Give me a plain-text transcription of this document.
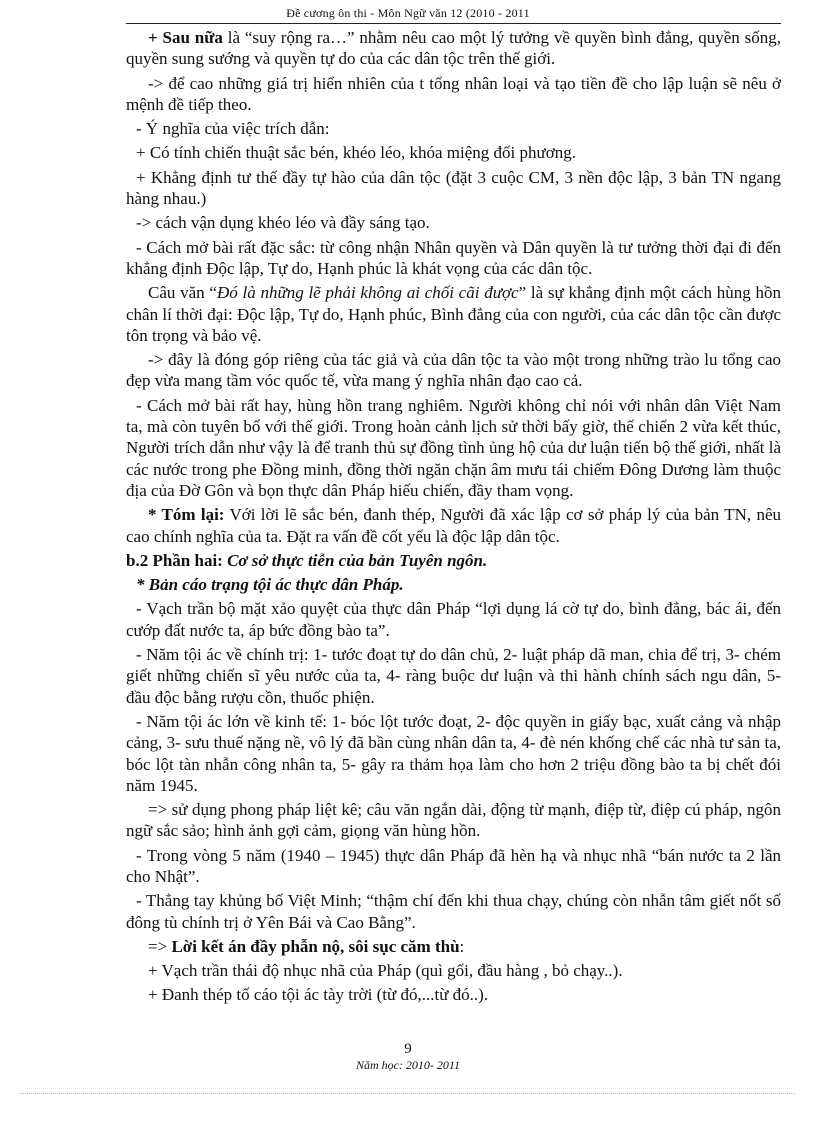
Đề cương ôn thi - Môn Ngữ văn 12 (2010 - 2011

+ Sau nữa là “suy rộng ra…” nhằm nêu cao một lý tưởng về quyền bình đẳng, quyền sống, quyền sung sướng và quyền tự do của các dân tộc trên thế giới.

-> để cao những giá trị hiển nhiên của t tổng nhân loại và tạo tiền đề cho lập luận sẽ nêu ở mệnh đề tiếp theo.

- Ý nghĩa của việc trích dẫn:

+ Có tính chiến thuật sắc bén, khéo léo, khóa miệng đối phương.

+ Khẳng định tư thế đầy tự hào của dân tộc (đặt 3 cuộc CM, 3 nền độc lập, 3 bản TN ngang hàng nhau.)

-> cách vận dụng khéo léo và đầy sáng tạo.

- Cách mở bài rất đặc sắc: từ công nhận Nhân quyền và Dân quyền là tư tưởng thời đại đi đến khẳng định Độc lập, Tự do, Hạnh phúc là khát vọng của các dân tộc.

Câu văn “Đó là những lẽ phải không ai chối cãi được” là sự khẳng định một cách hùng hồn chân lí thời đại: Độc lập, Tự do, Hạnh phúc, Bình đẳng của con người, của các dân tộc cần được tôn trọng và bảo vệ.

-> đây là đóng góp riêng của tác giả và của dân tộc ta vào một trong những trào lu tổng cao đẹp vừa mang tầm vóc quốc tế, vừa mang ý nghĩa nhân đạo cao cả.

- Cách mở bài rất hay, hùng hồn trang nghiêm. Người không chỉ nói với nhân dân Việt Nam ta, mà còn tuyên bố với thế giới. Trong hoàn cảnh lịch sử thời bấy giờ, thế chiến 2 vừa kết thúc, Người trích dẫn như vậy là để tranh thủ sự đồng tình ủng hộ của dư luận tiến bộ thế giới, nhất là các nước trong phe Đồng minh, đồng thời ngăn chặn âm mưu tái chiếm Đông Dương làm thuộc địa của Đờ Gôn và bọn thực dân Pháp hiếu chiến, đầy tham vọng.

* Tóm lại: Với lời lẽ sắc bén, đanh thép, Người đã xác lập cơ sở pháp lý của bản TN, nêu cao chính nghĩa của ta. Đặt ra vấn đề cốt yếu là độc lập dân tộc.

b.2 Phần hai: Cơ sở thực tiễn của bản Tuyên ngôn.

* Bản cáo trạng tội ác thực dân Pháp.

- Vạch trần bộ mặt xảo quyệt của thực dân Pháp “lợi dụng lá cờ tự do, bình đẳng, bác ái, đến cướp đất nước ta, áp bức đồng bào ta”.

- Năm tội ác về chính trị: 1- tước đoạt tự do dân chủ, 2- luật pháp dã man, chia để trị, 3- chém giết những chiến sĩ yêu nước của ta, 4- ràng buộc dư luận và thi hành chính sách ngu dân, 5- đầu độc bằng rượu cồn, thuốc phiện.

- Năm tội ác lớn về kinh tế: 1- bóc lột tước đoạt, 2- độc quyền in giấy bạc, xuất cảng và nhập cảng, 3- sưu thuế nặng nề, vô lý đã bần cùng nhân dân ta, 4- đè nén khống chế các nhà tư sản ta, bóc lột tàn nhẫn công nhân ta, 5- gây ra thảm họa làm cho hơn 2 triệu đồng bào ta bị chết đói năm 1945.

=> sử dụng phong pháp liệt kê; câu văn ngắn dài, động từ mạnh, điệp từ, điệp cú pháp, ngôn ngữ sắc sảo; hình ảnh gợi cảm, giọng văn hùng hồn.

- Trong vòng 5 năm (1940 – 1945) thực dân Pháp đã hèn hạ và nhục nhã “bán nước ta 2 lần cho Nhật”.

- Thẳng tay khủng bố Việt Minh; “thậm chí đến khi thua chạy, chúng còn nhẫn tâm giết nốt số đông tù chính trị ở Yên Bái và Cao Bằng”.

=> Lời kết án đầy phẫn nộ, sôi sục căm thù:

+ Vạch trần thái độ nhục nhã của Pháp (quì gối, đầu hàng , bỏ chạy..).

+ Đanh thép tố cáo tội ác tày trời (từ đó,...từ đó..).

9
Năm học: 2010- 2011
